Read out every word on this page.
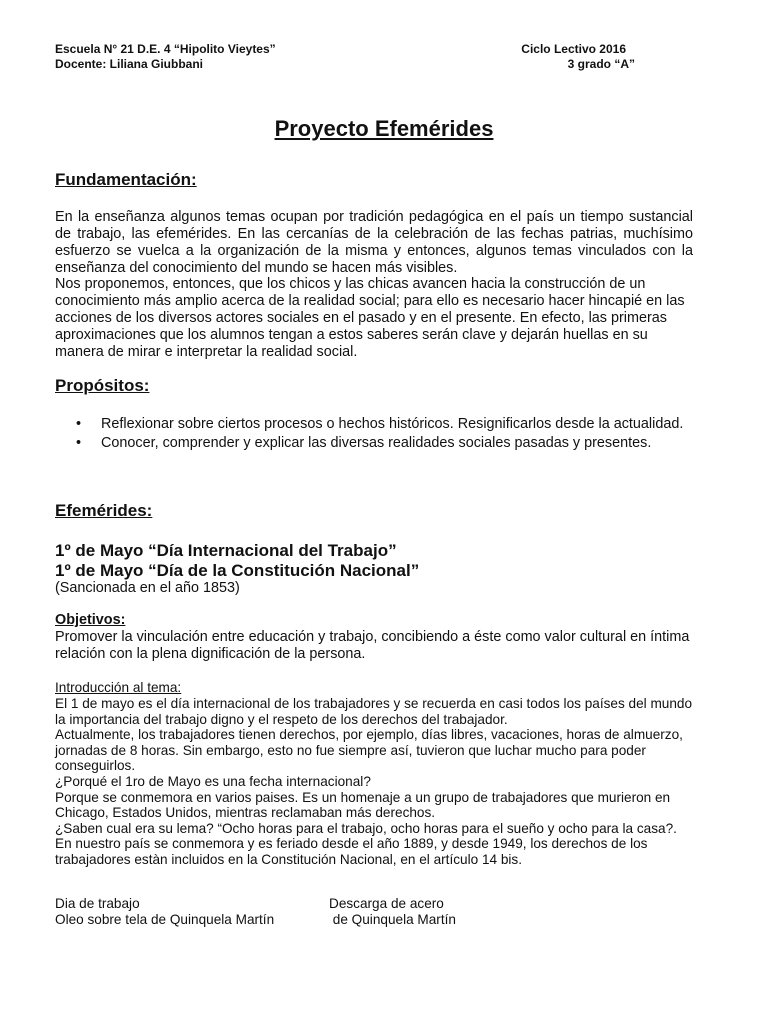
Escuela N° 21 D.E. 4 “Hipolito Vieytes”
Docente: Liliana Giubbani
Ciclo Lectivo 2016
3 grado “A”
Proyecto Efemérides
Fundamentación:

En la enseñanza algunos temas ocupan por tradición pedagógica en el país un tiempo sustancial de trabajo, las efemérides. En las cercanías de la celebración de las fechas patrias, muchísimo esfuerzo se vuelca a la organización de la misma y entonces, algunos temas vinculados con la enseñanza del conocimiento del mundo se hacen más visibles.

Nos proponemos, entonces, que los chicos y las chicas avancen hacia la construcción de un conocimiento más amplio acerca de la realidad social; para ello es necesario hacer hincapié en las acciones de los diversos actores sociales en el pasado y en el presente. En efecto, las primeras aproximaciones que los alumnos tengan a estos saberes serán clave y dejarán huellas en su manera de mirar e interpretar la realidad social.

Propósitos:
• Reflexionar sobre ciertos procesos o hechos históricos. Resignificarlos desde la actualidad.
• Conocer, comprender y explicar las diversas realidades sociales pasadas y presentes.
Efemérides:

1º de Mayo “Día Internacional del Trabajo”

1º de Mayo “Día de la Constitución Nacional”

(Sancionada en el año 1853)

Objetivos:

Promover la vinculación entre educación y trabajo, concibiendo a éste como valor cultural en íntima relación con la plena dignificación de la persona.

Introducción al tema:

El 1 de mayo es el día internacional de los trabajadores y se recuerda en casi todos los países del mundo la importancia del trabajo digno y el respeto de los derechos del trabajador.

Actualmente, los trabajadores tienen derechos, por ejemplo, días libres, vacaciones, horas de almuerzo, jornadas de 8 horas. Sin embargo, esto no fue siempre así, tuvieron que luchar mucho para poder conseguirlos.

¿Porqué el 1ro de Mayo es una fecha internacional?

Porque se conmemora en varios paises. Es un homenaje a un grupo de trabajadores que murieron en Chicago, Estados Unidos, mientras reclamaban más derechos.

¿Saben cual era su lema? “Ocho horas para el trabajo, ocho horas para el sueño y ocho para la casa?.

En nuestro país se conmemora y es feriado desde el año 1889, y desde 1949, los derechos de los trabajadores estàn incluidos en la Constitución Nacional, en el artículo 14 bis.

Dia de trabajo
Oleo sobre tela de Quinquela Martín
Descarga de acero
de Quinquela Martín
